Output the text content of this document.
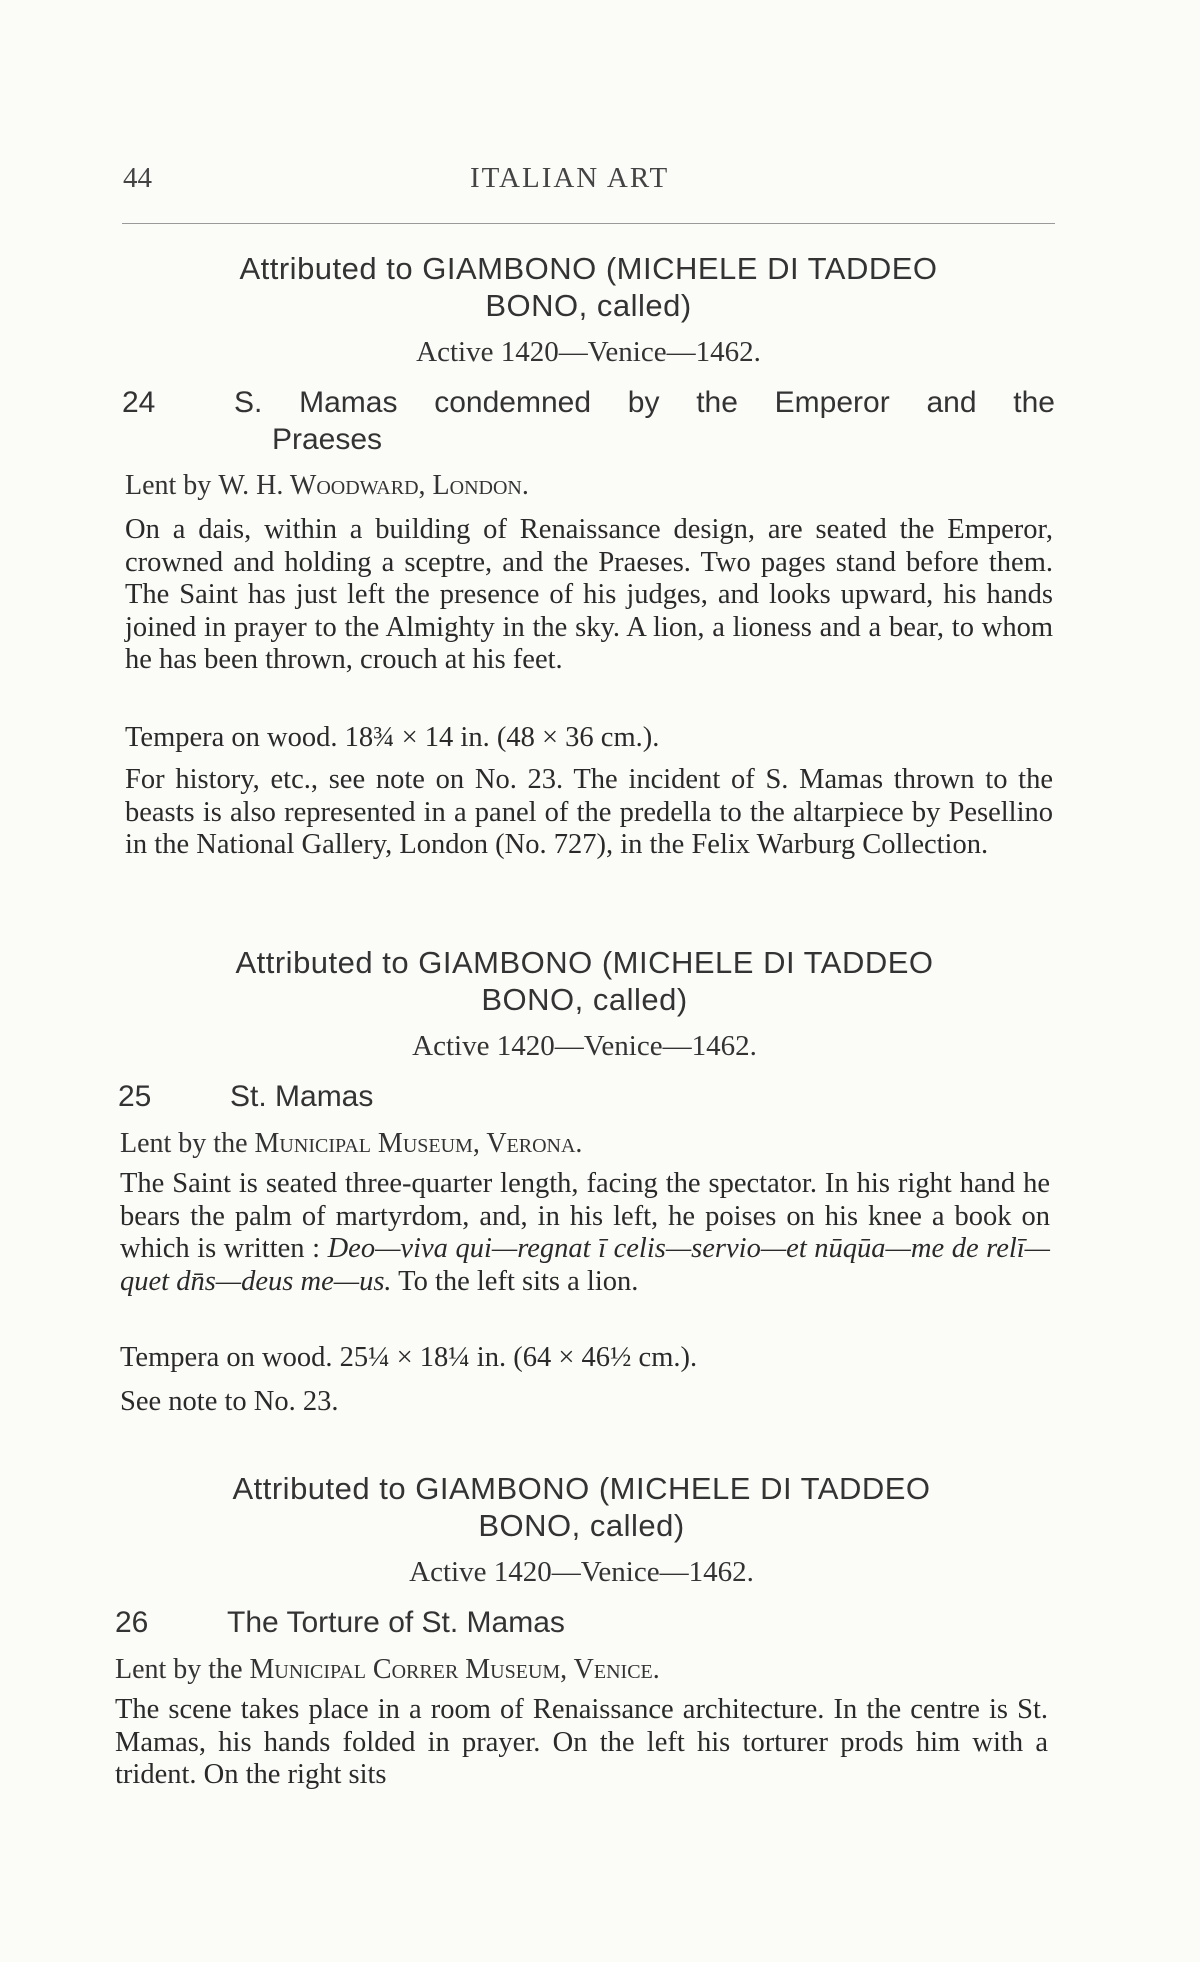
44	ITALIAN ART
Attributed to GIAMBONO (MICHELE DI TADDEO
BONO, called)
Active 1420—Venice—1462.
24	S. Mamas condemned by the Emperor and the
Praeses
Lent by W. H. Woodward, London.
On a dais, within a building of Renaissance design, are seated the Emperor, crowned and holding a sceptre, and the Praeses. Two pages stand before them. The Saint has just left the presence of his judges, and looks upward, his hands joined in prayer to the Almighty in the sky. A lion, a lioness and a bear, to whom he has been thrown, crouch at his feet.
Tempera on wood. 18¾ × 14 in. (48 × 36 cm.).
For history, etc., see note on No. 23. The incident of S. Mamas thrown to the beasts is also represented in a panel of the predella to the altarpiece by Pesellino in the National Gallery, London (No. 727), in the Felix Warburg Collection.
Attributed to GIAMBONO (MICHELE DI TADDEO
BONO, called)
Active 1420—Venice—1462.
25	St. Mamas
Lent by the Municipal Museum, Verona.
The Saint is seated three-quarter length, facing the spectator. In his right hand he bears the palm of martyrdom, and, in his left, he poises on his knee a book on which is written : Deo—viva qui—regnat ī celis—servio—et nūqūa—me de relī—quet dn̄s—deus me—us. To the left sits a lion.
Tempera on wood. 25¼ × 18¼ in. (64 × 46½ cm.).
See note to No. 23.
Attributed to GIAMBONO (MICHELE DI TADDEO
BONO, called)
Active 1420—Venice—1462.
26	The Torture of St. Mamas
Lent by the Municipal Correr Museum, Venice.
The scene takes place in a room of Renaissance architecture. In the centre is St. Mamas, his hands folded in prayer. On the left his torturer prods him with a trident. On the right sits
